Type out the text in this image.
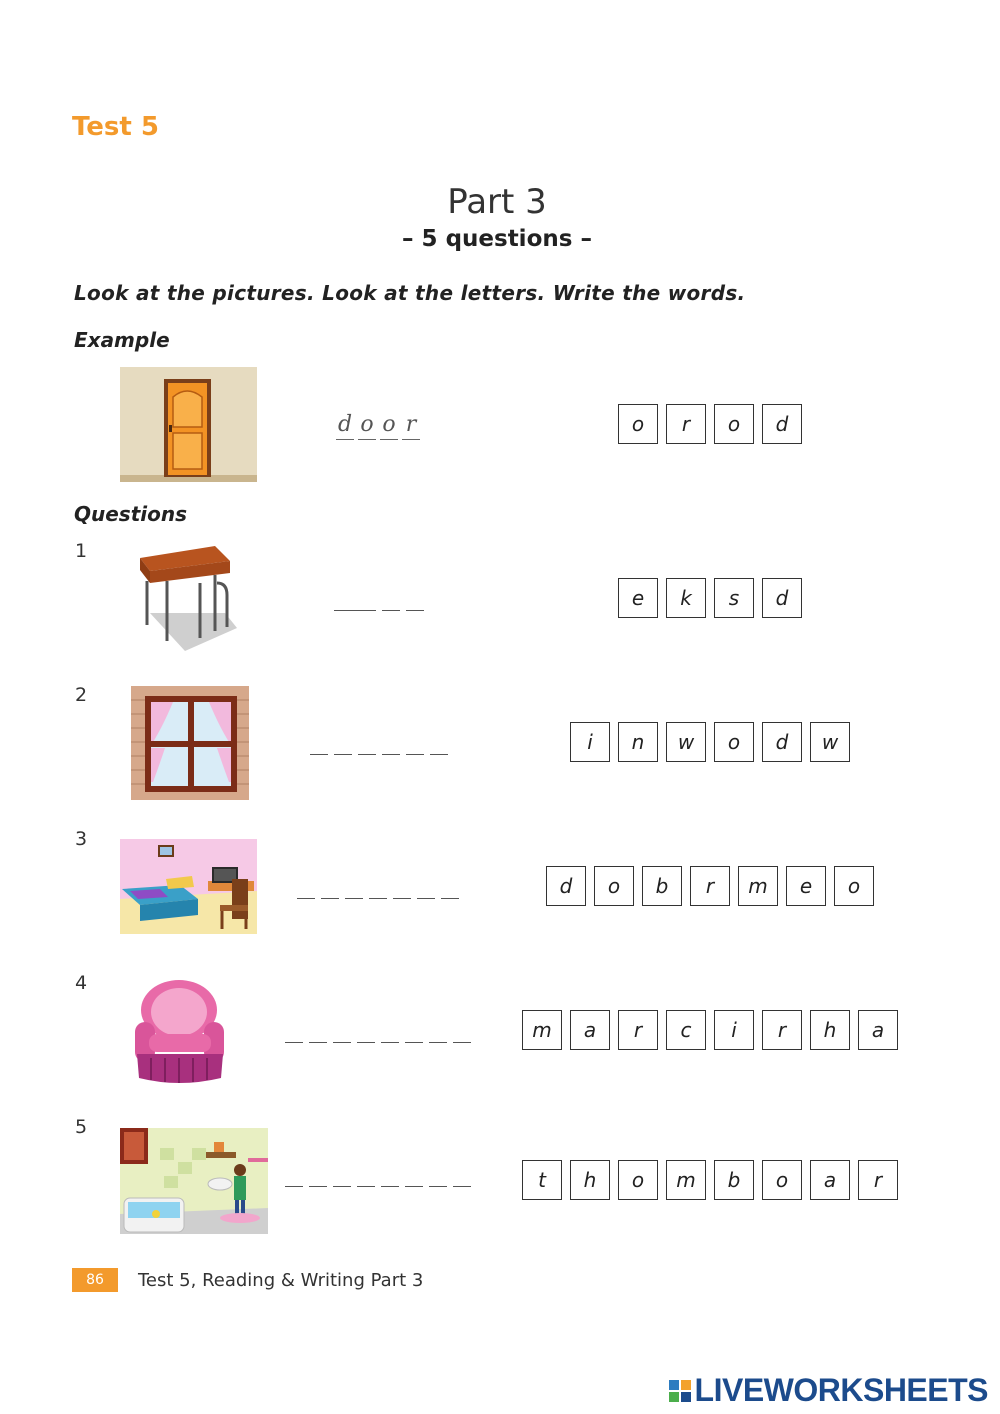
Test 5
Part 3
– 5 questions –
Look at the pictures. Look at the letters. Write the words.
Example
d o o r	o	r	o	d
Questions
1
e	k	s	d
2
i	n	w	o	d	w
3
d	o	b	r	m	e	o
4
m	a	r	c	i	r	h	a
5
t	h	o	m	b	o	a	r
86	Test 5, Reading & Writing Part 3
LIVEWORKSHEETS
